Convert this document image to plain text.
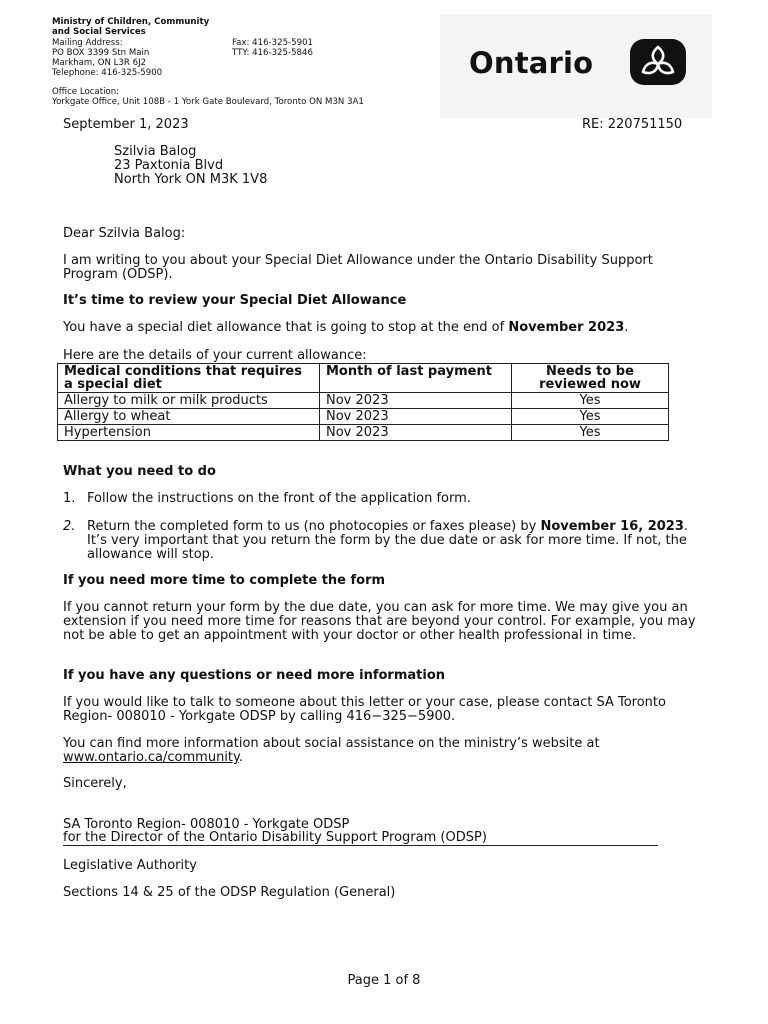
Ministry of Children, Community
and Social Services
Mailing Address:
PO BOX 3399 Stn Main
Markham, ON L3R 6J2
Telephone: 416-325-5900
Fax: 416-325-5901
TTY: 416-325-5846
Office Location:
Yorkgate Office, Unit 108B - 1 York Gate Boulevard, Toronto ON M3N 3A1
Ontario
September 1, 2023	RE: 220751150
Szilvia Balog
23 Paxtonia Blvd
North York ON M3K 1V8
Dear Szilvia Balog:
I am writing to you about your Special Diet Allowance under the Ontario Disability Support Program (ODSP).
It’s time to review your Special Diet Allowance
You have a special diet allowance that is going to stop at the end of November 2023.
Here are the details of your current allowance:
Medical conditions that requires a special diet	Month of last payment	Needs to be reviewed now
Allergy to milk or milk products	Nov 2023	Yes
Allergy to wheat	Nov 2023	Yes
Hypertension	Nov 2023	Yes
What you need to do
1. Follow the instructions on the front of the application form.
2. Return the completed form to us (no photocopies or faxes please) by November 16, 2023. It’s very important that you return the form by the due date or ask for more time. If not, the allowance will stop.
If you need more time to complete the form
If you cannot return your form by the due date, you can ask for more time. We may give you an extension if you need more time for reasons that are beyond your control. For example, you may not be able to get an appointment with your doctor or other health professional in time.
If you have any questions or need more information
If you would like to talk to someone about this letter or your case, please contact SA Toronto Region- 008010 - Yorkgate ODSP by calling 416−325−5900.
You can find more information about social assistance on the ministry’s website at www.ontario.ca/community.
Sincerely,
SA Toronto Region- 008010 - Yorkgate ODSP
for the Director of the Ontario Disability Support Program (ODSP)
Legislative Authority
Sections 14 & 25 of the ODSP Regulation (General)
Page 1 of 8
